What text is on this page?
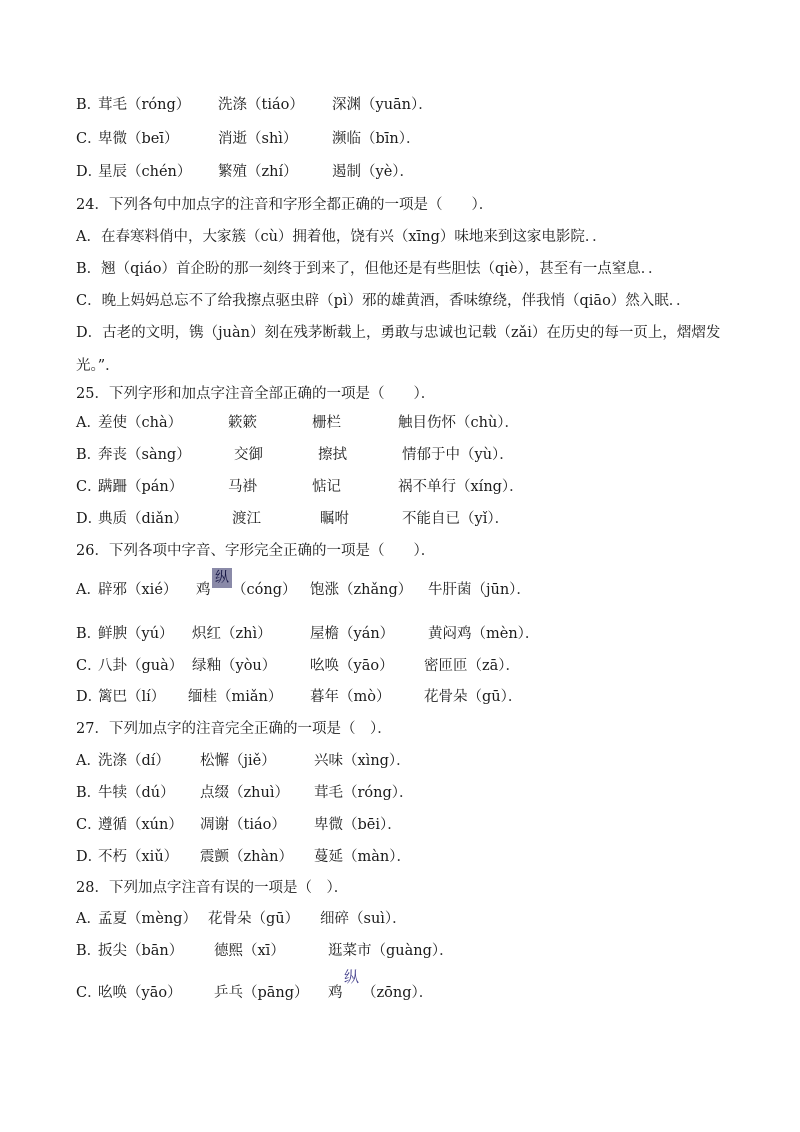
B．
茸毛（róng） 洗涤（tiáo） 深渊（yuān）．
C．
卑微（beī）	消逝（shì） 濒临（bīn）．
D．
星辰（chén） 繁殖（zhí） 遏制（yè）．
24．下列各句中加点字的注音和字形全都正确的一项是（　　）．
A．在春寒料俏中，大家簇（cù）拥着他，饶有兴（xīng）味地来到这家电影院．．
B．翘（qiáo）首企盼的那一刻终于到来了，但他还是有些胆怯（qiè），甚至有一点窒息．．
C．晚上妈妈总忘不了给我擦点驱虫辟（pì）邪的雄黄酒，香味缭绕，伴我悄（qiāo）然入眠．．
D．古老的文明，镌（juàn）刻在残茅断载上，勇敢与忠诚也记载（zǎi）在历史的每一页上，熠熠发
光。”．
25．下列字形和加点字注音全部正确的一项是（　　）．
A．
差使（chà）	簌簌	栅栏	触目伤怀（chù）．
B．
奔丧（sàng）	交御	擦拭	情郁于中（yù）．
C．
蹒跚（pán）	马褂	惦记	祸不单行（xíng）．
D．
典质（diǎn）	渡江	瞩咐	不能自已（yǐ）．
26．下列各项中字音、字形完全正确的一项是（　　）．
A．
辟邪（xié） 鸡
纵
（cóng） 饱涨（zhǎng） 牛肝菌（jūn）．
B．
鲜腴（yú） 炽红（zhì）	屋檐（yán） 黄闷鸡（mèn）．
C．
八卦（guà） 绿釉（yòu） 吆唤（yāo） 密匝匝（zā）．
D．
篱巴（lí） 缅桂（miǎn） 暮年（mò） 花骨朵（gū）．
27．下列加点字的注音完全正确的一项是（　）．
A．
洗涤（dí） 松懈（jiě）	兴味（xìng）．
B．
牛犊（dú） 点缀（zhuì） 茸毛（róng）．
C．
遵循（xún） 凋谢（tiáo） 卑微（bēi）．
D．
不朽（xiǔ） 震颤（zhàn） 蔓延（màn）．
28．下列加点字注音有误的一项是（　）．
A．
孟夏（mèng） 花骨朵（gū） 细碎（suì）．
B．
扳尖（bān） 德熙（xī）	逛菜市（guàng）．
C．
吆唤（yāo） 乒乓（pāng） 鸡
纵
（zōng）．
